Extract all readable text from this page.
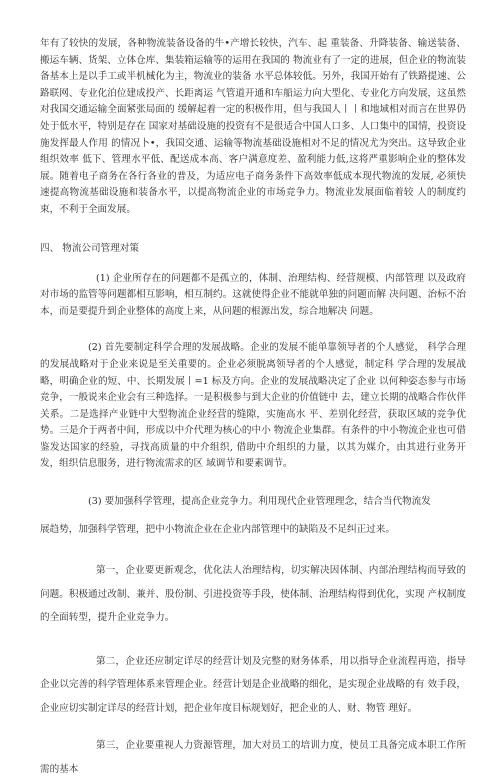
年有了较快的发展，各种物流装备设备的牛•产增长较快，汽车、起 重装备、升降装备、输送装备、搬运车辆、货架、立体仓库、集装箱运输等的运用在我国的 物流业有了一定的进展，但企业的物流装备基本上是以手工或半机械化为主，物流业的装备 水平总体较低。另外，我国开始有了铁路提速、公路联网、专业化泊位建成投产、长距离运 气管道开通和车船运力向大型化、专业化方向发展，这虽然对我国交通运输全面紧张局面的 缓解起着一定的积极作用，但与我国人丨丨和地域相对而言在世界仍处于低水平，特别是存在 国家对基础设施的投资有不是很适合中国人口多、人口集中的国情，投资设施发挥最人作用 的情况卜•，我国交通、运输等物流基础设施相对不足的情况尤为突出。这导致企业组织效率 低下、管理水平低、配送成本高、客户满意度差、盈利能力低,这将严重影响企业的整体发 展。随着电子商务在各行各业的普及，为适应电子商务条件下高效率低成本现代物流的发展, 必须快速提高物流基础设施和装备水平，以提高物流企业的市场竞争力。物流业发展面临着较 人的制度约束，不利于全面发展。

四、 物流公司管理对策

(1) 企业所存在的问题都不是孤立的，体制、治理结构、经营规模、内部管理 以及政府对市场的监管等问题都相互影响，相互制约。这就使得企业不能就单独的问题而解 决问题、治标不治本，而是要提升到企业整体的高度上来，从问题的根源出发，综合地解决 问题。

(2) 首先要制定科学合理的发展战略。企业的发展不能单靠领导者的个人感觉， 科学合理的发展战略对于企业来说是至关重要的。企业必须脱离领导者的个人感觉，制定科 学合理的发展战略，明确企业的短、中、长期发展丨=1 标及方向。企业的发展战略决定了企业 以何种姿态参与市场竞争，一般说来企业会有三种选择。一是积极参与到大企业的价值链中 去，建立长期的战略合作伙伴关系。二是选择产业链中大型物流企业经营的缝隙，实施高水 平、差别化经营，获取区域的竞争优势。三是介于两者中间，形成以中介代理为核心的中小 物流企业集群。有条件的中小物流企业也可借鉴发达国家的经验，寻找高质量的中介组织, 借助中介组织的力量，以其为媒介，由其进行业务开发，组织信息服务，进行物流需求的区 域调节和要素调节。

(3) 要加强科学管理，提高企业竞争力。利用现代企业管理理念，结合当代物流发

展趋势，加强科学管理，把中小物流企业在企业内部管理中的缺陷及不足纠正过来。

第一，企业要更新观念，优化法人治理结构，切实解决因体制、内部治理结构而导致的 问题。积极通过改制、兼并、股份制、引进投资等手段，使体制、治理结构得到优化，实现 产权制度的全面转型，提升企业竞争力。

第二，企业还应制定详尽的经营计划及完整的财务体系，用以指导企业流程再造，指导 企业以完善的科学管理体系来管理企业。经营计划是企业战略的细化，是实现企业战略的有 效手段，企业应切实制定详尽的经营计划，把企业年度目标规划好，把企业的人、财、物管 理好。

第三，企业要重视人力资源管理，加大对员工的培训力度，使员工具备完成本职工作所 需的基本
